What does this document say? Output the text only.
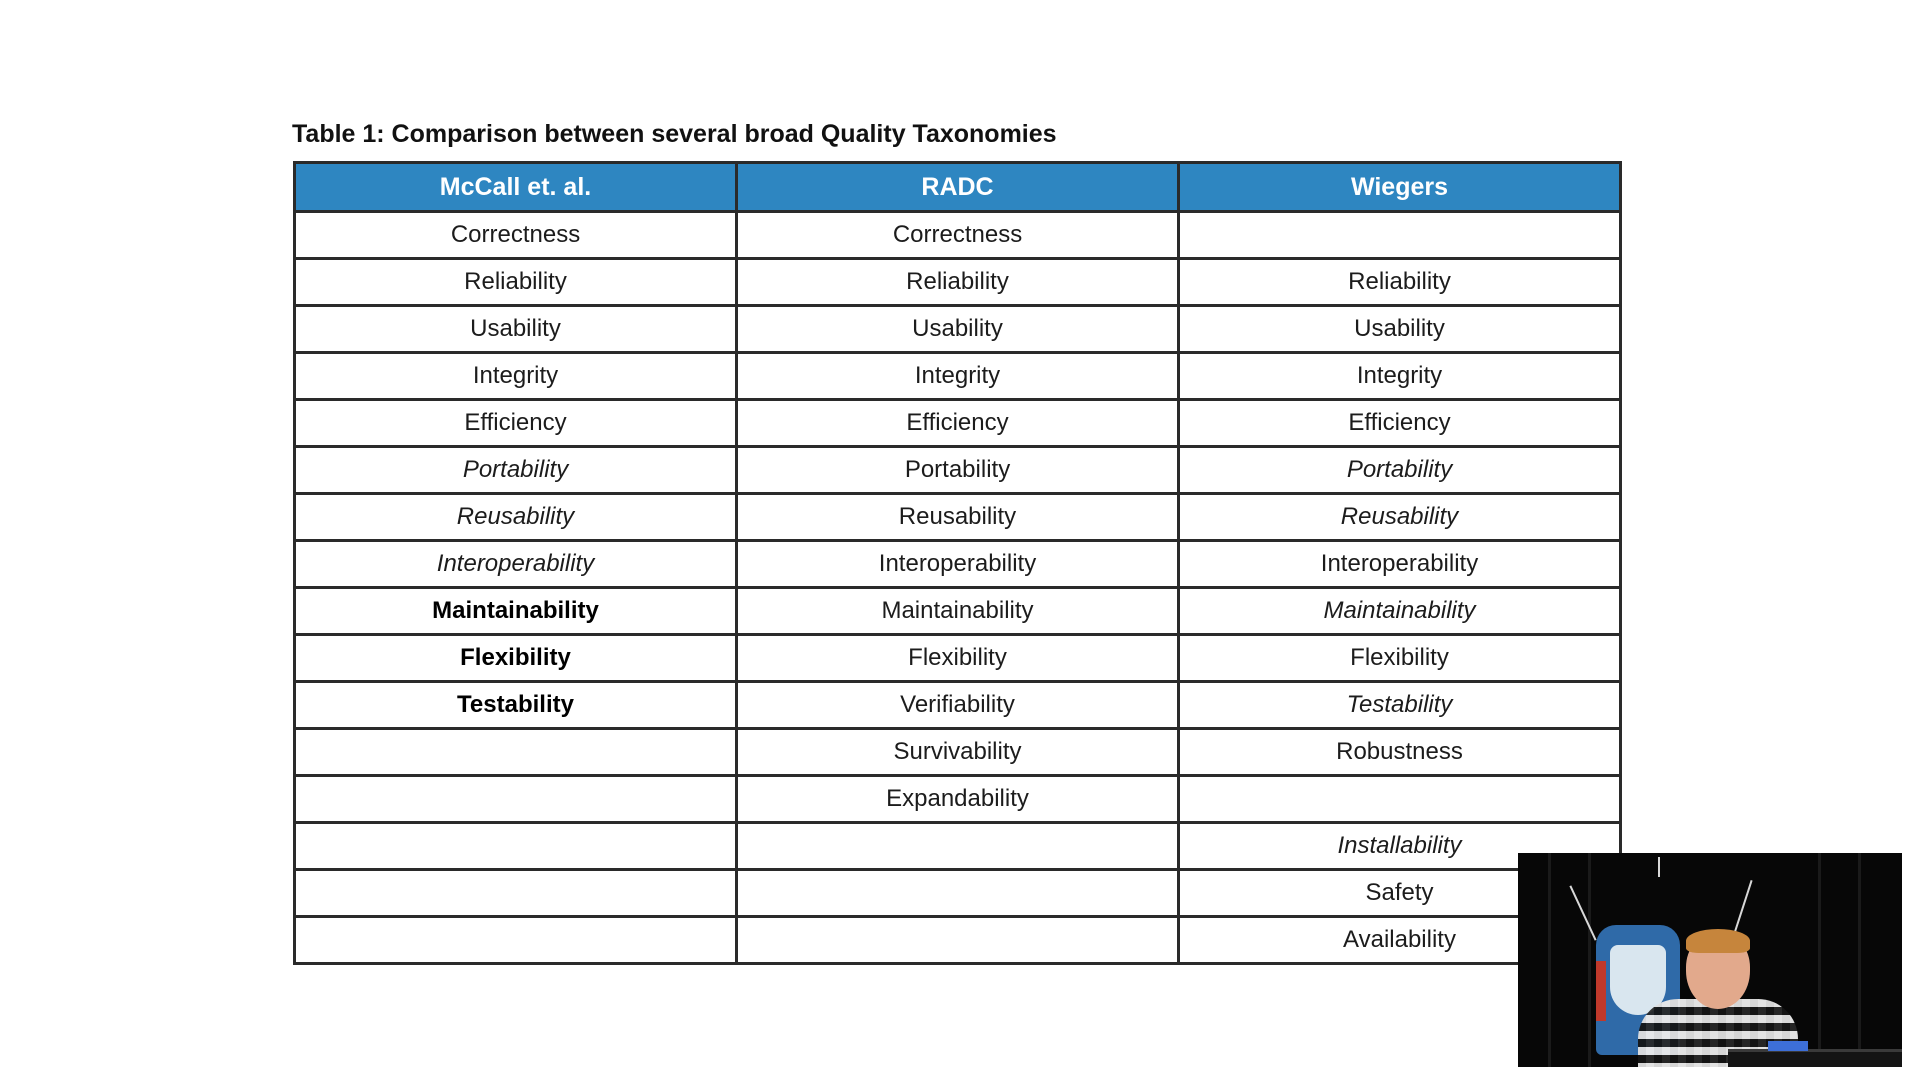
Table 1: Comparison between several broad Quality Taxonomies
McCall et. al.	RADC	Wiegers
Correctness	Correctness	
Reliability	Reliability	Reliability
Usability	Usability	Usability
Integrity	Integrity	Integrity
Efficiency	Efficiency	Efficiency
Portability	Portability	Portability
Reusability	Reusability	Reusability
Interoperability	Interoperability	Interoperability
Maintainability	Maintainability	Maintainability
Flexibility	Flexibility	Flexibility
Testability	Verifiability	Testability
	Survivability	Robustness
	Expandability	
		Installability
		Safety
		Availability
